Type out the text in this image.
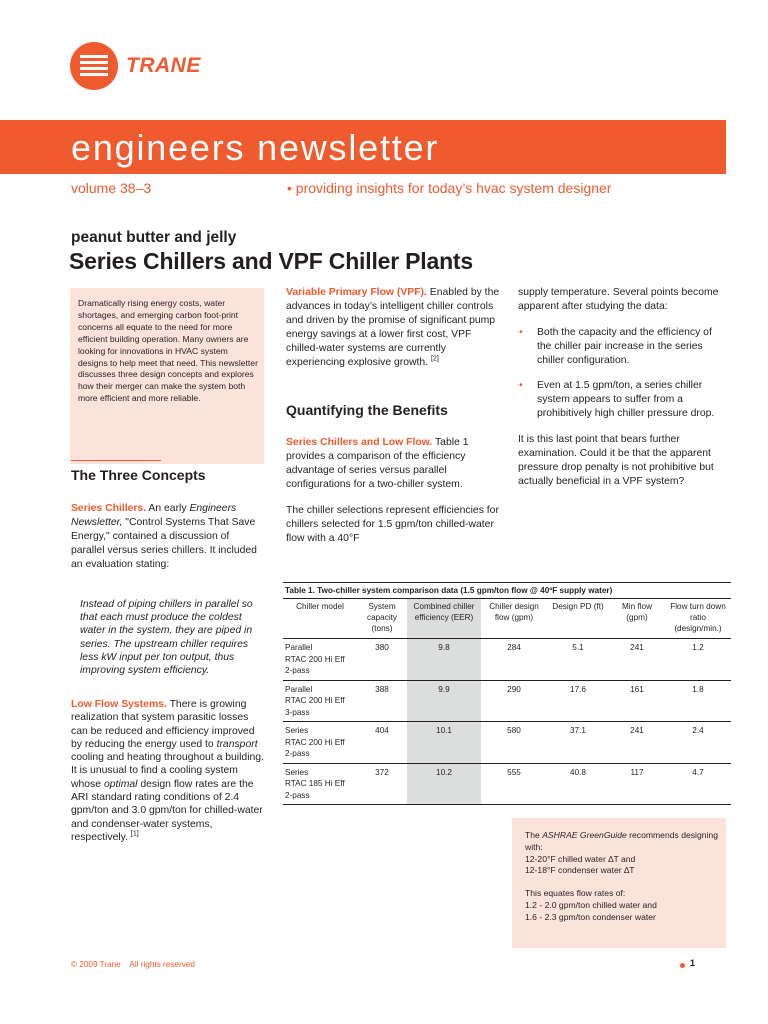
TRANE
engineers newsletter
volume 38–3	• providing insights for today’s hvac system designer
peanut butter and jelly
Series Chillers and VPF Chiller Plants

Dramatically rising energy costs, water shortages, and emerging carbon foot-print concerns all equate to the need for more efficient building operation. Many owners are looking for innovations in HVAC system designs to help meet that need. This newsletter discusses three design concepts and explores how their merger can make the system both more efficient and more reliable.

The Three Concepts
Series Chillers. An early Engineers Newsletter, "Control Systems That Save Energy," contained a discussion of parallel versus series chillers. It included an evaluation stating:
Instead of piping chillers in parallel so that each must produce the coldest water in the system, they are piped in series. The upstream chiller requires less kW input per ton output, thus improving system efficiency.
Low Flow Systems. There is growing realization that system parasitic losses can be reduced and efficiency improved by reducing the energy used to transport cooling and heating throughout a building. It is unusual to find a cooling system whose optimal design flow rates are the ARI standard rating conditions of 2.4 gpm/ton and 3.0 gpm/ton for chilled-water and condenser-water systems, respectively. [1]
Variable Primary Flow (VPF). Enabled by the advances in today’s intelligent chiller controls and driven by the promise of significant pump energy savings at a lower first cost, VPF chilled-water systems are currently experiencing explosive growth. [2]
Quantifying the Benefits

Series Chillers and Low Flow. Table 1 provides a comparison of the efficiency advantage of series versus parallel configurations for a two-chiller system.

The chiller selections represent efficiencies for chillers selected for 1.5 gpm/ton chilled-water flow with a 40°F

supply temperature. Several points become apparent after studying the data:

• Both the capacity and the efficiency of the chiller pair increase in the series chiller configuration.
• Even at 1.5 gpm/ton, a series chiller system appears to suffer from a prohibitively high chiller pressure drop.

It is this last point that bears further examination. Could it be that the apparent pressure drop penalty is not prohibitive but actually beneficial in a VPF system?

Table 1. Two-chiller system comparison data (1.5 gpm/ton flow @ 40ºF supply water)
Chiller model	System capacity (tons)	Combined chiller efficiency (EER)	Chiller design flow (gpm)	Design PD (ft)	Min flow (gpm)	Flow turn down ratio (design/min.)

Parallel
RTAC 200 Hi Eff
2-pass	380	9.8	284	5.1	241	1.2

Parallel
RTAC 200 Hi Eff
3-pass	388	9.9	290	17.6	161	1.8

Series
RTAC 200 Hi Eff
2-pass	404	10.1	580	37.1	241	2.4

Series
RTAC 185 Hi Eff
2-pass	372	10.2	555	40.8	117	4.7

The ASHRAE GreenGuide recommends designing with:
12-20°F chilled water ∆T and
12-18°F condenser water ∆T

This equates flow rates of:
1.2 - 2.0 gpm/ton chilled water and
1.6 - 2.3 gpm/ton condenser water

© 2009 Trane    All rights reserved	1
